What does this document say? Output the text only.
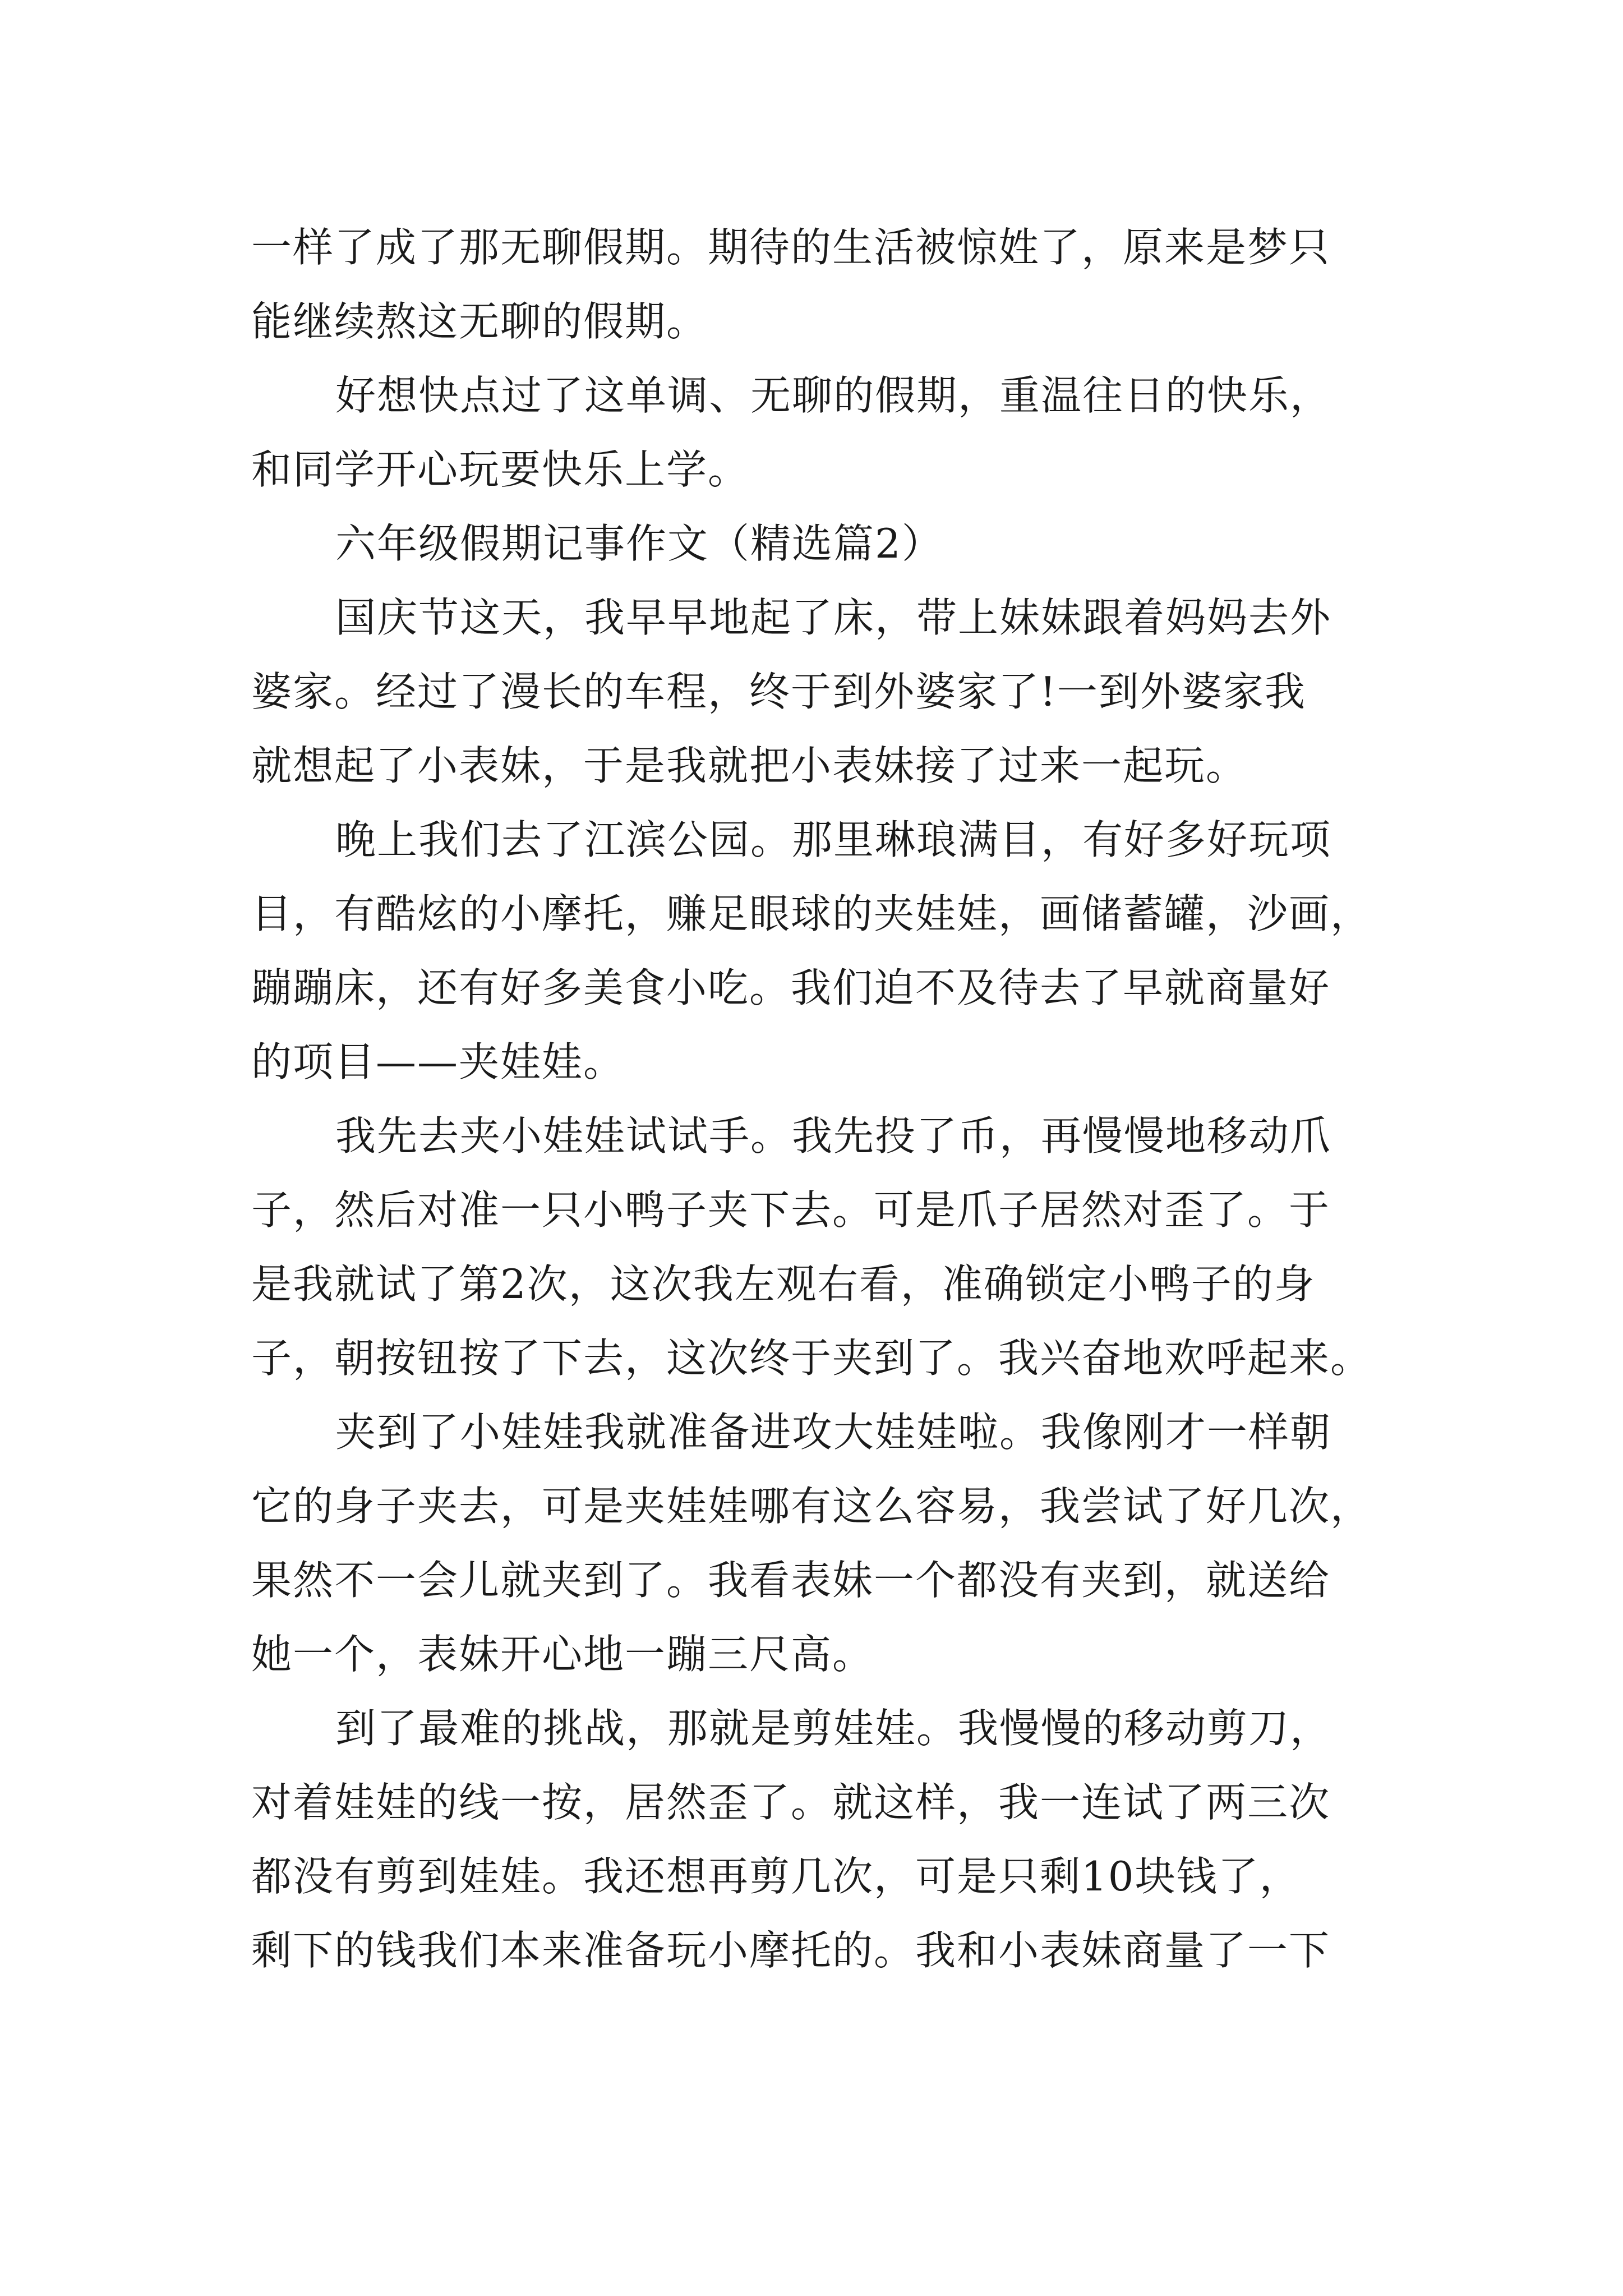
一样了成了那无聊假期。期待的生活被惊姓了，原来是梦只
能继续熬这无聊的假期。
好想快点过了这单调、无聊的假期，重温往日的快乐，
和同学开心玩要快乐上学。
六年级假期记事作文（精选篇2）
国庆节这天，我早早地起了床，带上妹妹跟着妈妈去外
婆家。经过了漫长的车程，终于到外婆家了!一到外婆家我
就想起了小表妹，于是我就把小表妹接了过来一起玩。
晚上我们去了江滨公园。那里琳琅满目，有好多好玩项
目，有酷炫的小摩托，赚足眼球的夹娃娃，画储蓄罐，沙画，
蹦蹦床，还有好多美食小吃。我们迫不及待去了早就商量好
的项目——夹娃娃。
我先去夹小娃娃试试手。我先投了币，再慢慢地移动爪
子，然后对准一只小鸭子夹下去。可是爪子居然对歪了。于
是我就试了第2次，这次我左观右看，准确锁定小鸭子的身
子，朝按钮按了下去，这次终于夹到了。我兴奋地欢呼起来。
夹到了小娃娃我就准备进攻大娃娃啦。我像刚才一样朝
它的身子夹去，可是夹娃娃哪有这么容易，我尝试了好几次，
果然不一会儿就夹到了。我看表妹一个都没有夹到，就送给
她一个，表妹开心地一蹦三尺高。
到了最难的挑战，那就是剪娃娃。我慢慢的移动剪刀，
对着娃娃的线一按，居然歪了。就这样，我一连试了两三次
都没有剪到娃娃。我还想再剪几次，可是只剩10块钱了，
剩下的钱我们本来准备玩小摩托的。我和小表妹商量了一下
